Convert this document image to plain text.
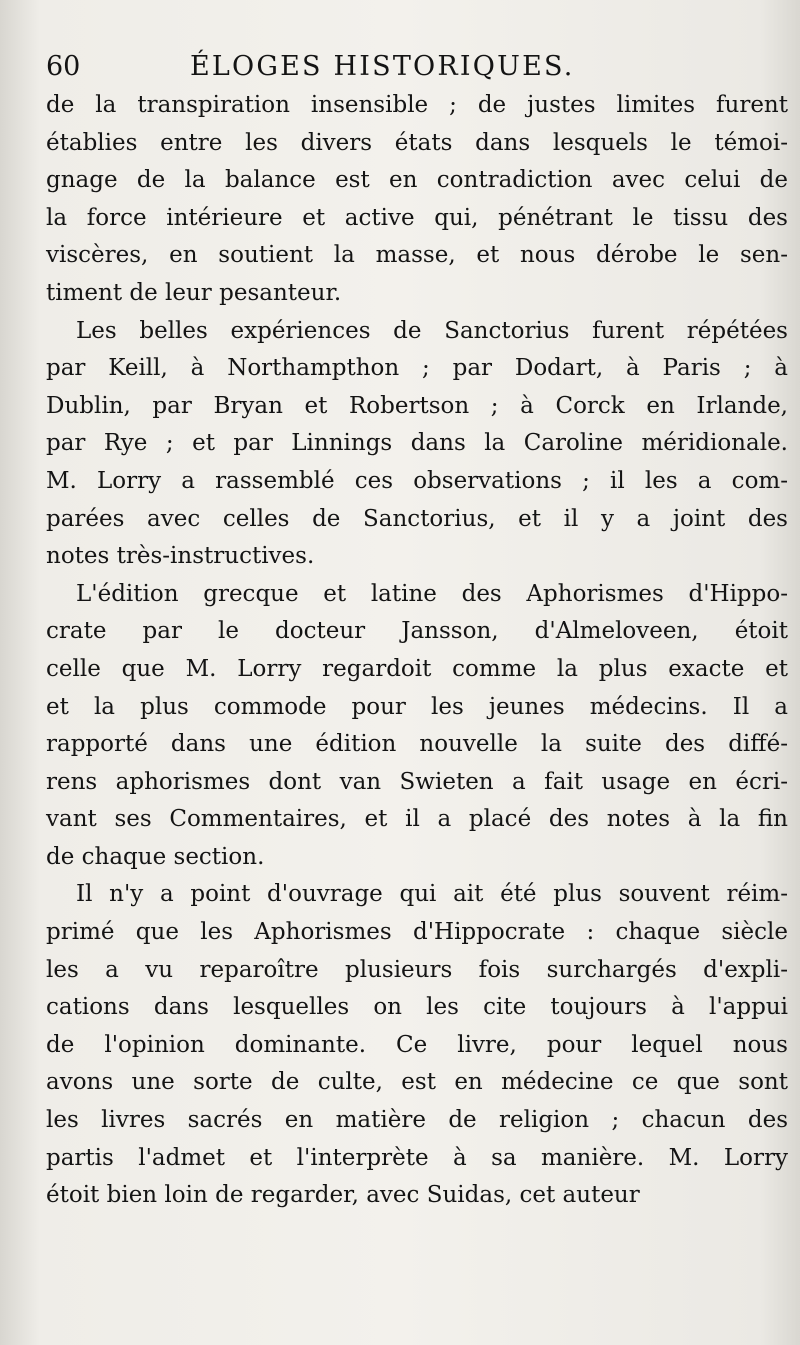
60	ÉLOGES HISTORIQUES.
de la transpiration insensible ; de justes limites furent
établies entre les divers états dans lesquels le témoi-
gnage de la balance est en contradiction avec celui de
la force intérieure et active qui, pénétrant le tissu des
viscères, en soutient la masse, et nous dérobe le sen-
timent de leur pesanteur.
Les belles expériences de Sanctorius furent répétées
par Keill, à Northampthon ; par Dodart, à Paris ; à
Dublin, par Bryan et Robertson ; à Corck en Irlande,
par Rye ; et par Linnings dans la Caroline méridionale.
M. Lorry a rassemblé ces observations ; il les a com-
parées avec celles de Sanctorius, et il y a joint des
notes très-instructives.
L'édition grecque et latine des Aphorismes d'Hippo-
crate par le docteur Jansson, d'Almeloveen, étoit
celle que M. Lorry regardoit comme la plus exacte et
et la plus commode pour les jeunes médecins. Il a
rapporté dans une édition nouvelle la suite des diffé-
rens aphorismes dont van Swieten a fait usage en écri-
vant ses Commentaires, et il a placé des notes à la fin
de chaque section.
Il n'y a point d'ouvrage qui ait été plus souvent réim-
primé que les Aphorismes d'Hippocrate : chaque siècle
les a vu reparoître plusieurs fois surchargés d'expli-
cations dans lesquelles on les cite toujours à l'appui
de l'opinion dominante. Ce livre, pour lequel nous
avons une sorte de culte, est en médecine ce que sont
les livres sacrés en matière de religion ; chacun des
partis l'admet et l'interprète à sa manière. M. Lorry
étoit bien loin de regarder, avec Suidas, cet auteur
